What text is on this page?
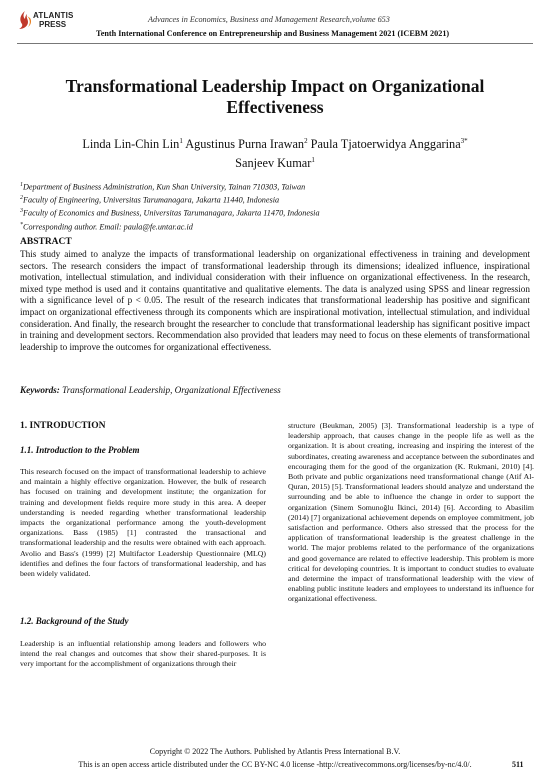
ATLANTIS
PRESS
Advances in Economics, Business and Management Research,volume 653
Tenth International Conference on Entrepreneurship and Business Management 2021 (ICEBM 2021)
Transformational Leadership Impact on Organizational
Effectiveness
Linda Lin-Chin Lin$^1$ Agustinus Purna Irawan$^2$ Paula Tjatoerwidya Anggarina$^{3*}$
Sanjeev Kumar$^1$
$^1$Department of Business Administration, Kun Shan University, Tainan 710303, Taiwan
$^2$Faculty of Engineering, Universitas Tarumanagara, Jakarta 11440, Indonesia
$^3$Faculty of Economics and Business, Universitas Tarumanagara, Jakarta 11470, Indonesia
*Corresponding author. Email: paula@fe.untar.ac.id
ABSTRACT
This study aimed to analyze the impacts of transformational leadership on organizational effectiveness in training and development sectors. The research considers the impact of transformational leadership through its dimensions; idealized influence, inspirational motivation, intellectual stimulation, and individual consideration with their influence on organizational effectiveness. In the research, mixed type method is used and it contains quantitative and qualitative elements. The data is analyzed using SPSS and linear regression with a significance level of p < 0.05. The result of the research indicates that transformational leadership has positive and significant impact on organizational effectiveness through its components which are inspirational motivation, intellectual stimulation, and individual consideration. And finally, the research brought the researcher to conclude that transformational leadership has significant positive impact in training and development sectors. Recommendation also provided that leaders may need to focus on these elements of transformational leadership to improve the outcomes for organizational effectiveness.
Keywords: Transformational Leadership, Organizational Effectiveness
1. INTRODUCTION
1.1. Introduction to the Problem
This research focused on the impact of transformational leadership to achieve and maintain a highly effective organization. However, the bulk of research has focused on training and development institute; the organization for training and development fields require more study in this area. A deeper understanding is needed regarding whether transformational leadership impacts the organizational performance among the youth-development organizations. Bass (1985) [1] contrasted the transactional and transformational leadership and the results were obtained with each approach. Avolio and Bass's (1999) [2] Multifactor Leadership Questionnaire (MLQ) identifies and defines the four factors of transformational leadership, and has been widely validated.
1.2. Background of the Study
Leadership is an influential relationship among leaders and followers who intend the real changes and outcomes that show their shared-purposes. It is very important for the accomplishment of organizations through their
structure (Beukman, 2005) [3]. Transformational leadership is a type of leadership approach, that causes change in the people life as well as the organization. It is about creating, increasing and inspiring the interest of the subordinates, creating awareness and acceptance between the subordinates and encouraging them for the good of the organization (K. Rukmani, 2010) [4]. Both private and public organizations need transformational change (Atif Al-Quran, 2015) [5]. Transformational leaders should analyze and understand the surrounding and be able to influence the change in order to support the organization (Sinem Somunoğlu İkinci, 2014) [6]. According to Abasilim (2014) [7] organizational achievement depends on employee commitment, job satisfaction and performance. Others also stressed that the process for the application of transformational leadership is the greatest challenge in the world. The major problems related to the performance of the organizations and good governance are related to effective leadership. This problem is more critical for developing countries. It is important to conduct studies to evaluate and determine the impact of transformational leadership with the view of enabling public institute leaders and employees to understand its influence for organizational effectiveness.
Copyright © 2022 The Authors. Published by Atlantis Press International B.V.
This is an open access article distributed under the CC BY-NC 4.0 license -http://creativecommons.org/licenses/by-nc/4.0/.	511
